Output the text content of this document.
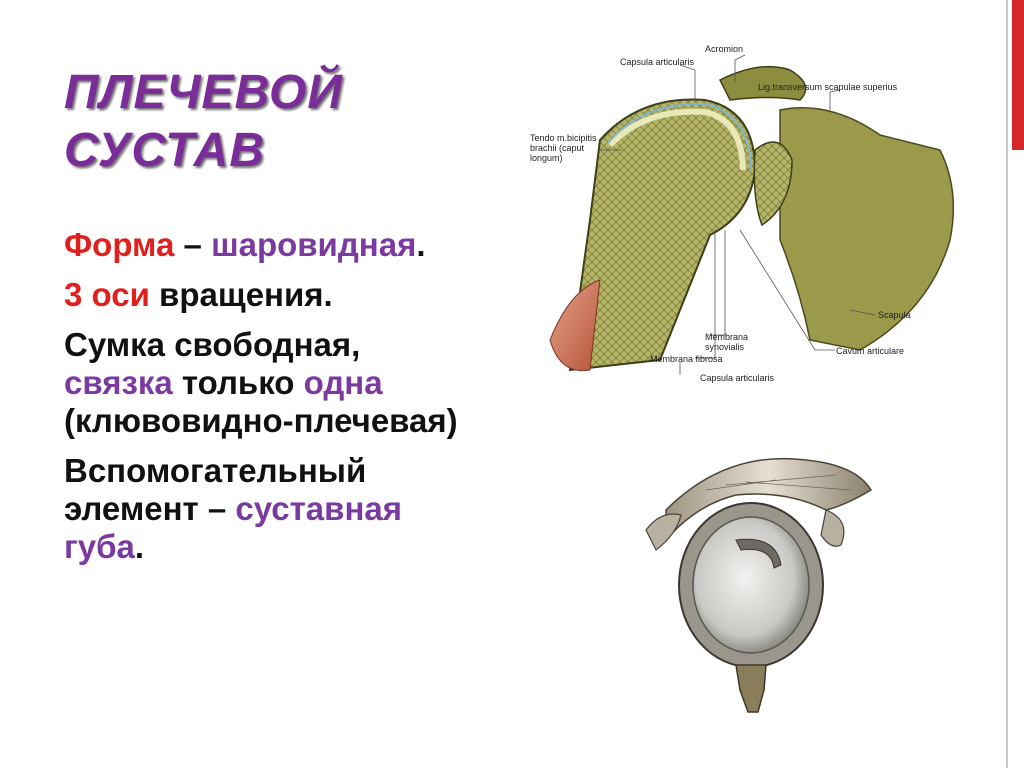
ПЛЕЧЕВОЙ
СУСТАВ

Форма – шаровидная.

3 оси вращения.

Сумка свободная,
связка только одна
(клювовидно-плечевая)

Вспомогательный
элемент – суставная
губа.

Acromion
Capsula articularis
Lig.transversum scapulae superius
Tendo m.bicipitis
brachii (caput
longum)
Scapula
Membrana
synovialis
Membrana fibrosa
Cavum articulare
Capsula articularis
